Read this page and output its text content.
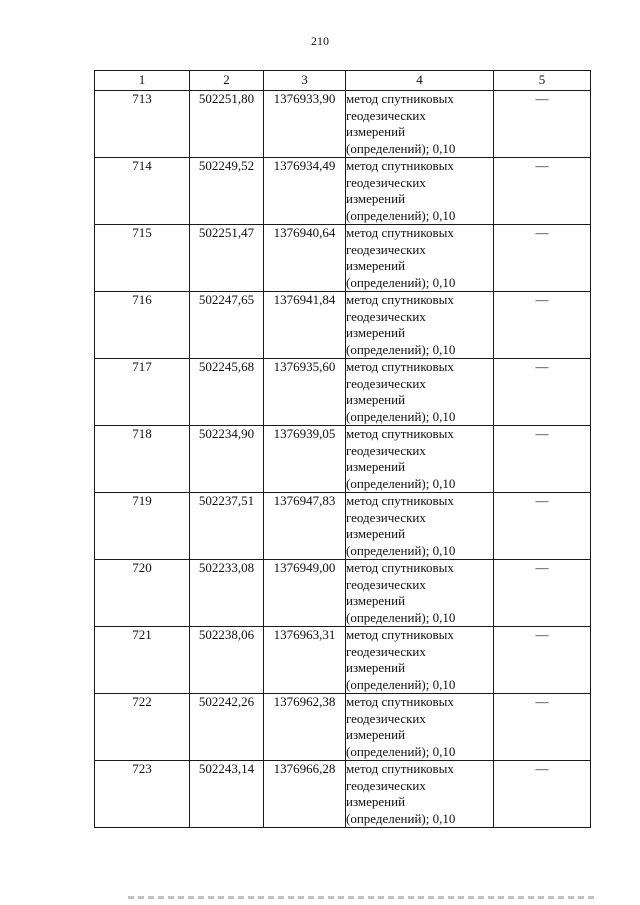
210
1	2	3	4	5
713	502251,80	1376933,90	метод спутниковых
геодезических
измерений
(определений); 0,10	—
714	502249,52	1376934,49	метод спутниковых
геодезических
измерений
(определений); 0,10	—
715	502251,47	1376940,64	метод спутниковых
геодезических
измерений
(определений); 0,10	—
716	502247,65	1376941,84	метод спутниковых
геодезических
измерений
(определений); 0,10	—
717	502245,68	1376935,60	метод спутниковых
геодезических
измерений
(определений); 0,10	—
718	502234,90	1376939,05	метод спутниковых
геодезических
измерений
(определений); 0,10	—
719	502237,51	1376947,83	метод спутниковых
геодезических
измерений
(определений); 0,10	—
720	502233,08	1376949,00	метод спутниковых
геодезических
измерений
(определений); 0,10	—
721	502238,06	1376963,31	метод спутниковых
геодезических
измерений
(определений); 0,10	—
722	502242,26	1376962,38	метод спутниковых
геодезических
измерений
(определений); 0,10	—
723	502243,14	1376966,28	метод спутниковых
геодезических
измерений
(определений); 0,10	—
